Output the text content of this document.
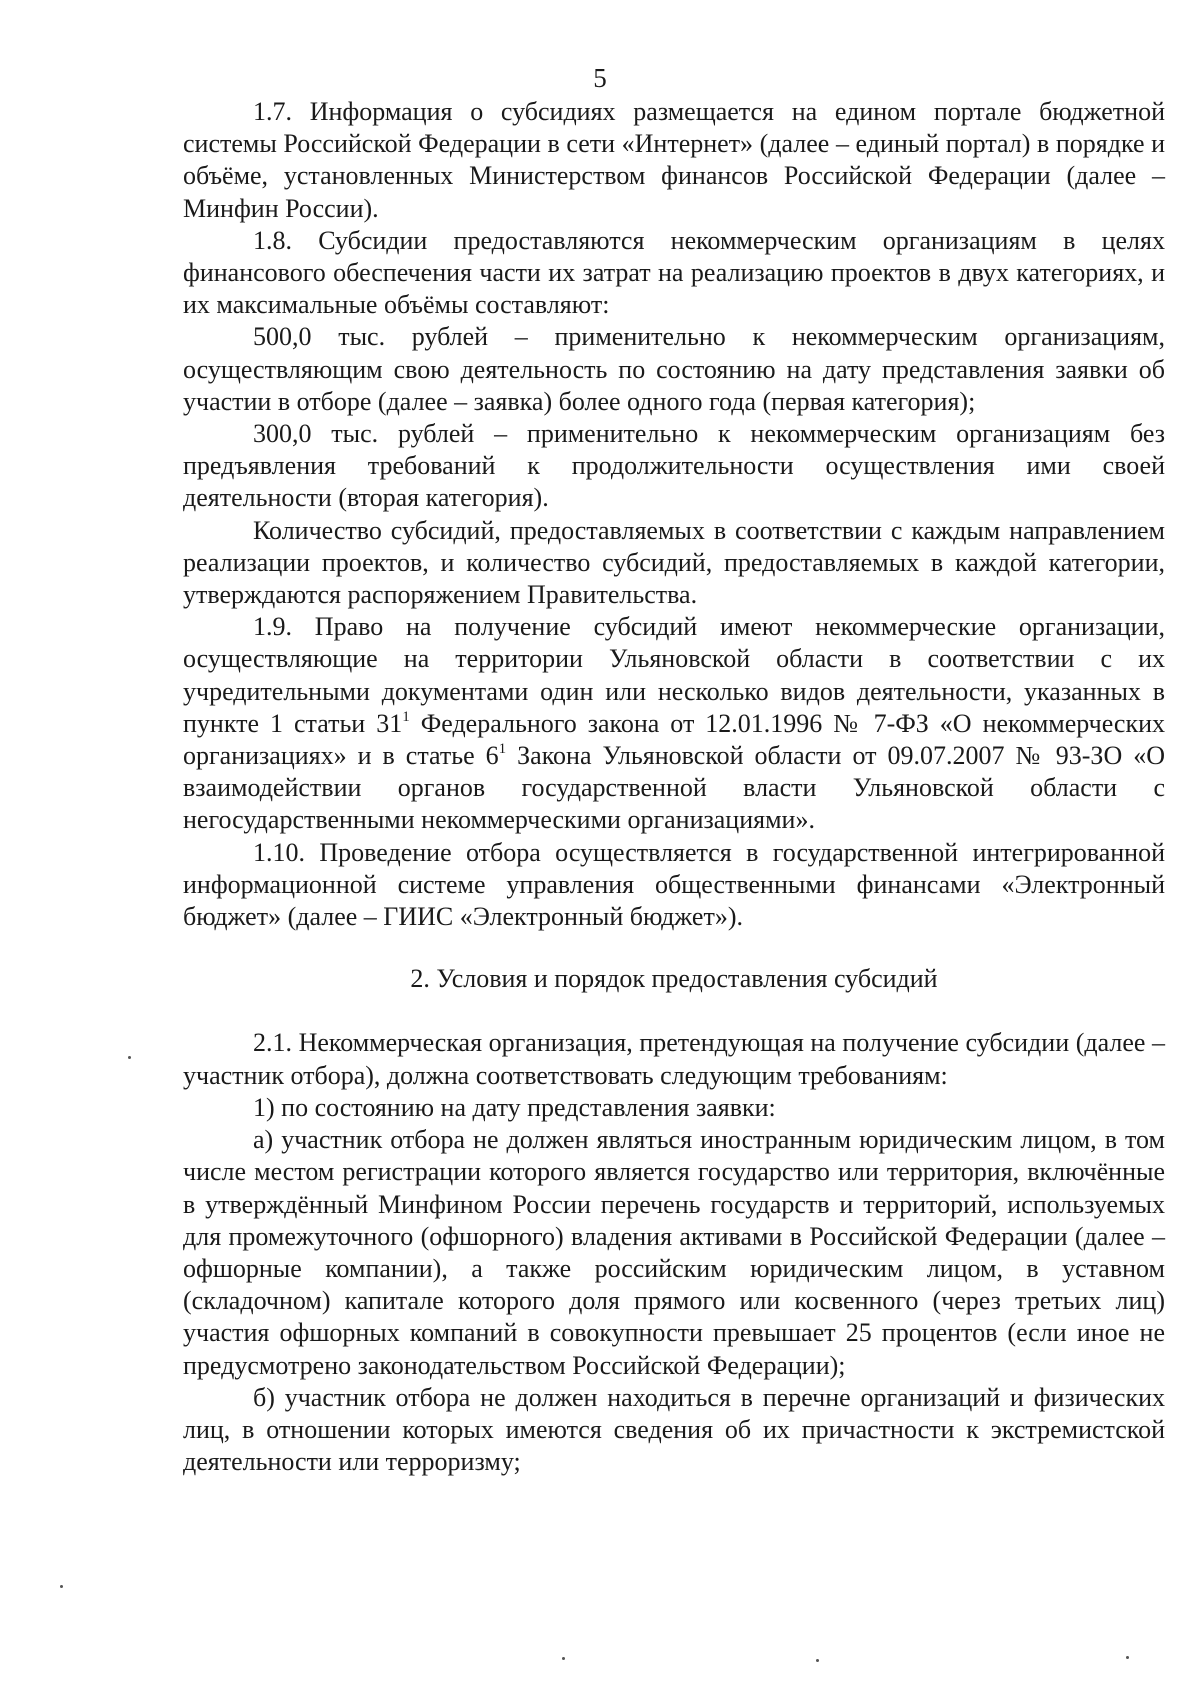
5

1.7. Информация о субсидиях размещается на едином портале бюджетной системы Российской Федерации в сети «Интернет» (далее – единый портал) в порядке и объёме, установленных Министерством финансов Российской Федерации (далее – Минфин России).

1.8. Субсидии предоставляются некоммерческим организациям в целях финансового обеспечения части их затрат на реализацию проектов в двух категориях, и их максимальные объёмы составляют:

500,0 тыс. рублей – применительно к некоммерческим организациям, осуществляющим свою деятельность по состоянию на дату представления заявки об участии в отборе (далее – заявка) более одного года (первая категория);

300,0 тыс. рублей – применительно к некоммерческим организациям без предъявления требований к продолжительности осуществления ими своей деятельности (вторая категория).

Количество субсидий, предоставляемых в соответствии с каждым направлением реализации проектов, и количество субсидий, предоставляемых в каждой категории, утверждаются распоряжением Правительства.

1.9. Право на получение субсидий имеют некоммерческие организации, осуществляющие на территории Ульяновской области в соответствии с их учредительными документами один или несколько видов деятельности, указанных в пункте 1 статьи $31^1$ Федерального закона от 12.01.1996 № 7-ФЗ «О некоммерческих организациях» и в статье $6^1$ Закона Ульяновской области от 09.07.2007 № 93-ЗО «О взаимодействии органов государственной власти Ульяновской области с негосударственными некоммерческими организациями».

1.10. Проведение отбора осуществляется в государственной интегрированной информационной системе управления общественными финансами «Электронный бюджет» (далее – ГИИС «Электронный бюджет»).

2. Условия и порядок предоставления субсидий

2.1. Некоммерческая организация, претендующая на получение субсидии (далее – участник отбора), должна соответствовать следующим требованиям:

1) по состоянию на дату представления заявки:

а) участник отбора не должен являться иностранным юридическим лицом, в том числе местом регистрации которого является государство или территория, включённые в утверждённый Минфином России перечень государств и территорий, используемых для промежуточного (офшорного) владения активами в Российской Федерации (далее – офшорные компании), а также российским юридическим лицом, в уставном (складочном) капитале которого доля прямого или косвенного (через третьих лиц) участия офшорных компаний в совокупности превышает 25 процентов (если иное не предусмотрено законодательством Российской Федерации);

б) участник отбора не должен находиться в перечне организаций и физических лиц, в отношении которых имеются сведения об их причастности к экстремистской деятельности или терроризму;
